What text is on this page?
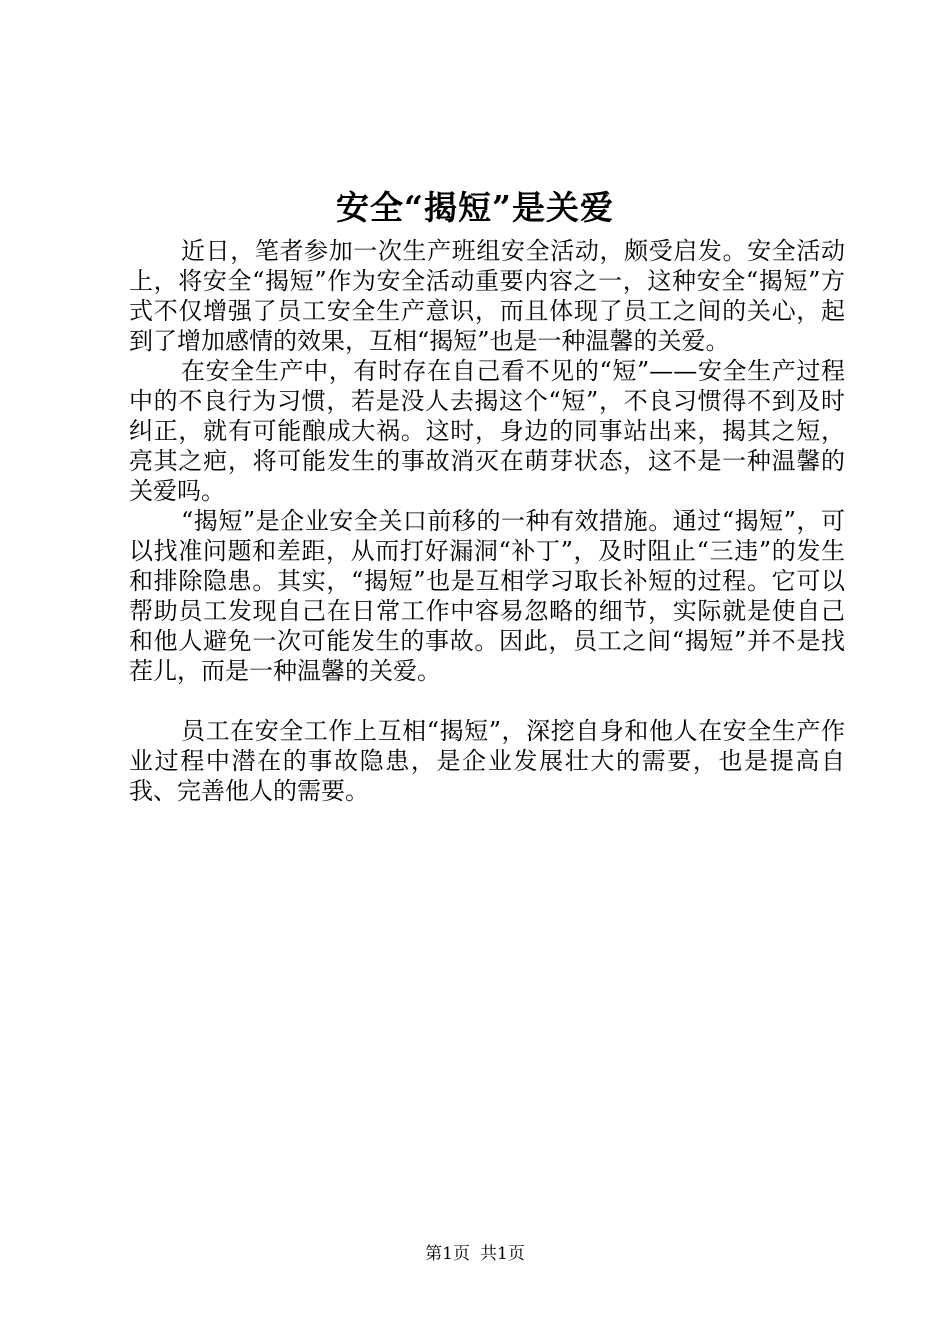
安全“揭短”是关爱

近日，笔者参加一次生产班组安全活动，颇受启发。安全活动上，将安全“揭短”作为安全活动重要内容之一，这种安全“揭短”方式不仅增强了员工安全生产意识，而且体现了员工之间的关心，起到了增加感情的效果，互相“揭短”也是一种温馨的关爱。

在安全生产中，有时存在自己看不见的“短”——安全生产过程中的不良行为习惯，若是没人去揭这个“短”，不良习惯得不到及时纠正，就有可能酿成大祸。这时，身边的同事站出来，揭其之短，亮其之疤，将可能发生的事故消灭在萌芽状态，这不是一种温馨的关爱吗。

“揭短”是企业安全关口前移的一种有效措施。通过“揭短”，可以找准问题和差距，从而打好漏洞“补丁”，及时阻止“三违”的发生和排除隐患。其实，“揭短”也是互相学习取长补短的过程。它可以帮助员工发现自己在日常工作中容易忽略的细节，实际就是使自己和他人避免一次可能发生的事故。因此，员工之间“揭短”并不是找茬儿，而是一种温馨的关爱。

员工在安全工作上互相“揭短”，深挖自身和他人在安全生产作业过程中潜在的事故隐患，是企业发展壮大的需要，也是提高自我、完善他人的需要。

第1页 共1页
